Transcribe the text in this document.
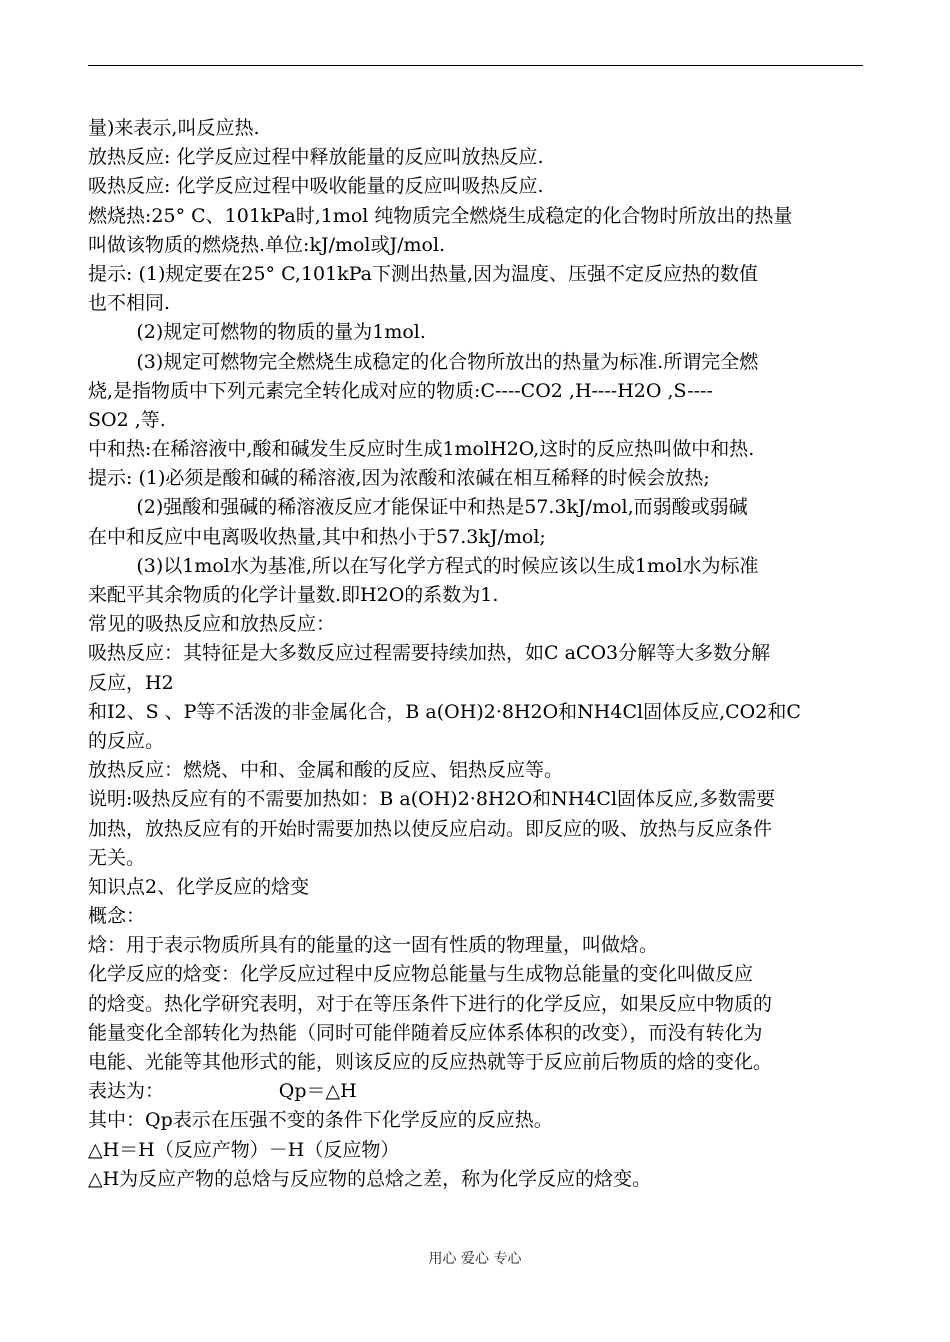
量)来表示,叫反应热.
放热反应: 化学反应过程中释放能量的反应叫放热反应.
吸热反应: 化学反应过程中吸收能量的反应叫吸热反应.
燃烧热:25° C、101kPa时,1mol 纯物质完全燃烧生成稳定的化合物时所放出的热量
叫做该物质的燃烧热.单位:kJ/mol或J/mol.
提示: (1)规定要在25° C,101kPa下测出热量,因为温度、压强不定反应热的数值
也不相同.
(2)规定可燃物的物质的量为1mol.
(3)规定可燃物完全燃烧生成稳定的化合物所放出的热量为标准.所谓完全燃
烧,是指物质中下列元素完全转化成对应的物质:C----CO2 ,H----H2O ,S----
SO2 ,等.
中和热:在稀溶液中,酸和碱发生反应时生成1molH2O,这时的反应热叫做中和热.
提示: (1)必须是酸和碱的稀溶液,因为浓酸和浓碱在相互稀释的时候会放热;
(2)强酸和强碱的稀溶液反应才能保证中和热是57.3kJ/mol,而弱酸或弱碱
在中和反应中电离吸收热量,其中和热小于57.3kJ/mol;
(3)以1mol水为基准,所以在写化学方程式的时候应该以生成1mol水为标准
来配平其余物质的化学计量数.即H2O的系数为1.
常见的吸热反应和放热反应：
吸热反应：其特征是大多数反应过程需要持续加热，如C aCO3分解等大多数分解
反应，H2
和I2、S 、P等不活泼的非金属化合，B a(OH)2·8H2O和NH4Cl固体反应,CO2和C
的反应。
放热反应：燃烧、中和、金属和酸的反应、铝热反应等。
说明:吸热反应有的不需要加热如：B a(OH)2·8H2O和NH4Cl固体反应,多数需要
加热，放热反应有的开始时需要加热以使反应启动。即反应的吸、放热与反应条件
无关。
知识点2、化学反应的焓变
概念：
焓：用于表示物质所具有的能量的这一固有性质的物理量，叫做焓。
化学反应的焓变：化学反应过程中反应物总能量与生成物总能量的变化叫做反应
的焓变。热化学研究表明，对于在等压条件下进行的化学反应，如果反应中物质的
能量变化全部转化为热能（同时可能伴随着反应体系体积的改变），而没有转化为
电能、光能等其他形式的能，则该反应的反应热就等于反应前后物质的焓的变化。
表达为：                   Qp＝△H
其中：Qp表示在压强不变的条件下化学反应的反应热。
△H＝H（反应产物）－H（反应物）
△H为反应产物的总焓与反应物的总焓之差，称为化学反应的焓变。
用心 爱心 专心
